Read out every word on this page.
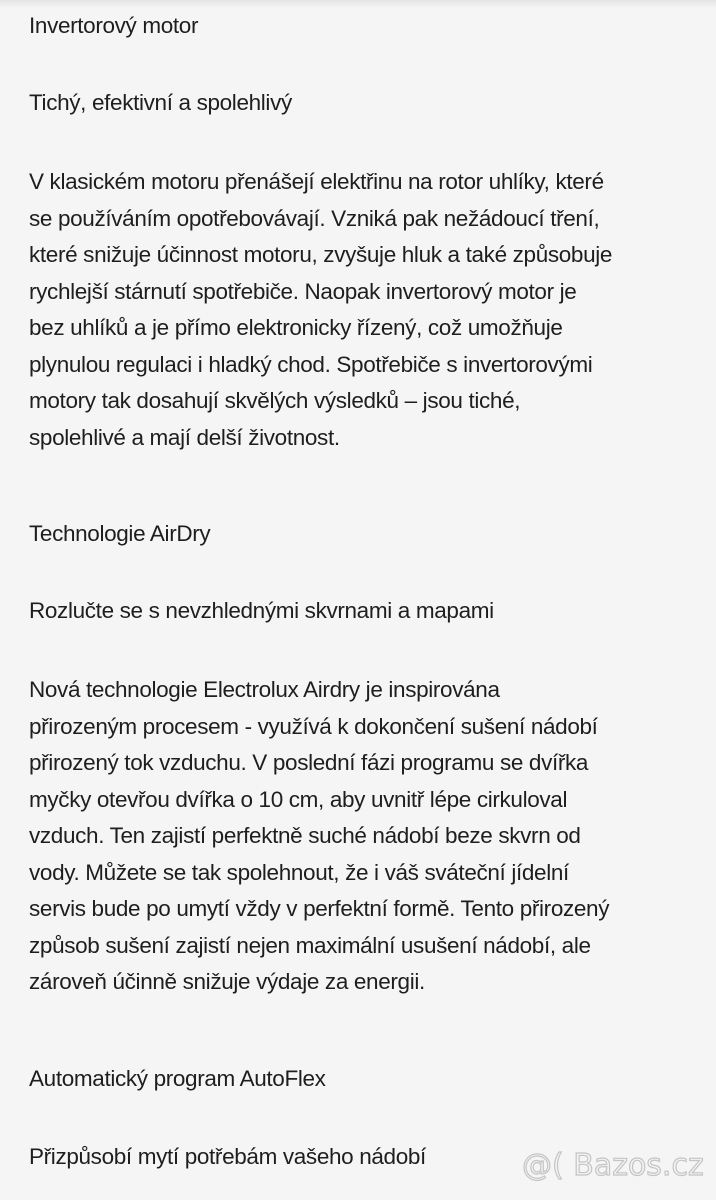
Invertorový motor
Tichý, efektivní a spolehlivý
V klasickém motoru přenášejí elektřinu na rotor uhlíky, které
se používáním opotřebovávají. Vzniká pak nežádoucí tření,
které snižuje účinnost motoru, zvyšuje hluk a také způsobuje
rychlejší stárnutí spotřebiče. Naopak invertorový motor je
bez uhlíků a je přímo elektronicky řízený, což umožňuje
plynulou regulaci i hladký chod. Spotřebiče s invertorovými
motory tak dosahují skvělých výsledků – jsou tiché,
spolehlivé a mají delší životnost.
Technologie AirDry
Rozlučte se s nevzhlednými skvrnami a mapami
Nová technologie Electrolux Airdry je inspirována
přirozeným procesem - využívá k dokončení sušení nádobí
přirozený tok vzduchu. V poslední fázi programu se dvířka
myčky otevřou dvířka o 10 cm, aby uvnitř lépe cirkuloval
vzduch. Ten zajistí perfektně suché nádobí beze skvrn od
vody. Můžete se tak spolehnout, že i váš sváteční jídelní
servis bude po umytí vždy v perfektní formě. Tento přirozený
způsob sušení zajistí nejen maximální usušení nádobí, ale
zároveň účinně snižuje výdaje za energii.
Automatický program AutoFlex
Přizpůsobí mytí potřebám vašeho nádobí	@( Bazos.cz
